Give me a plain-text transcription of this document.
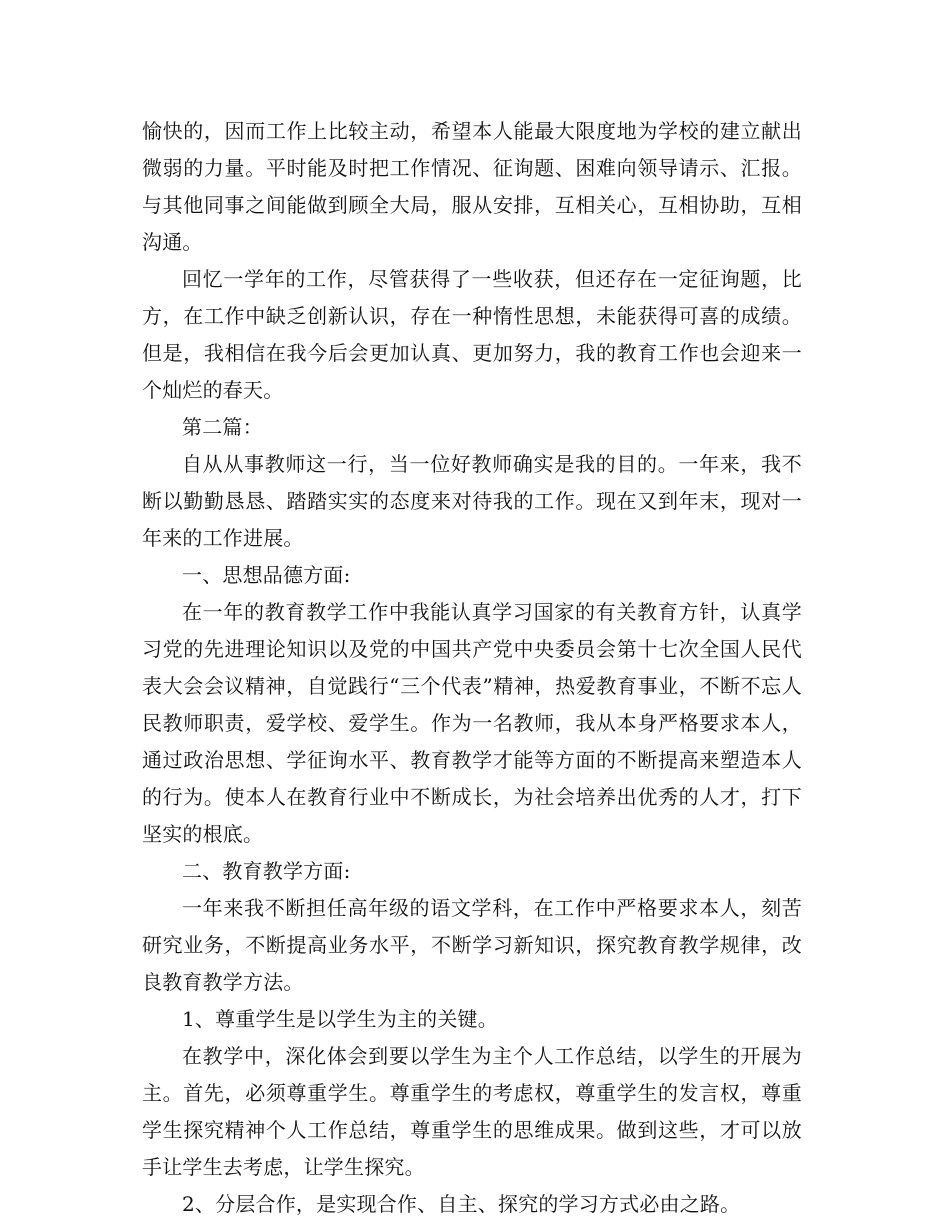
愉快的，因而工作上比较主动，希望本人能最大限度地为学校的建立献出微弱的力量。平时能及时把工作情况、征询题、困难向领导请示、汇报。与其他同事之间能做到顾全大局，服从安排，互相关心，互相协助，互相沟通。

回忆一学年的工作，尽管获得了一些收获，但还存在一定征询题，比方，在工作中缺乏创新认识，存在一种惰性思想，未能获得可喜的成绩。但是，我相信在我今后会更加认真、更加努力，我的教育工作也会迎来一个灿烂的春天。

第二篇：

自从从事教师这一行，当一位好教师确实是我的目的。一年来，我不断以勤勤恳恳、踏踏实实的态度来对待我的工作。现在又到年末，现对一年来的工作进展。

一、思想品德方面:

在一年的教育教学工作中我能认真学习国家的有关教育方针，认真学习党的先进理论知识以及党的中国共产党中央委员会第十七次全国人民代表大会会议精神，自觉践行“三个代表”精神，热爱教育事业，不断不忘人民教师职责，爱学校、爱学生。作为一名教师，我从本身严格要求本人，通过政治思想、学征询水平、教育教学才能等方面的不断提高来塑造本人的行为。使本人在教育行业中不断成长，为社会培养出优秀的人才，打下坚实的根底。

二、教育教学方面:

一年来我不断担任高年级的语文学科，在工作中严格要求本人，刻苦研究业务，不断提高业务水平，不断学习新知识，探究教育教学规律，改良教育教学方法。

1、尊重学生是以学生为主的关键。

在教学中，深化体会到要以学生为主个人工作总结，以学生的开展为主。首先，必须尊重学生。尊重学生的考虑权，尊重学生的发言权，尊重学生探究精神个人工作总结，尊重学生的思维成果。做到这些，才可以放手让学生去考虑，让学生探究。

2、分层合作，是实现合作、自主、探究的学习方式必由之路。
